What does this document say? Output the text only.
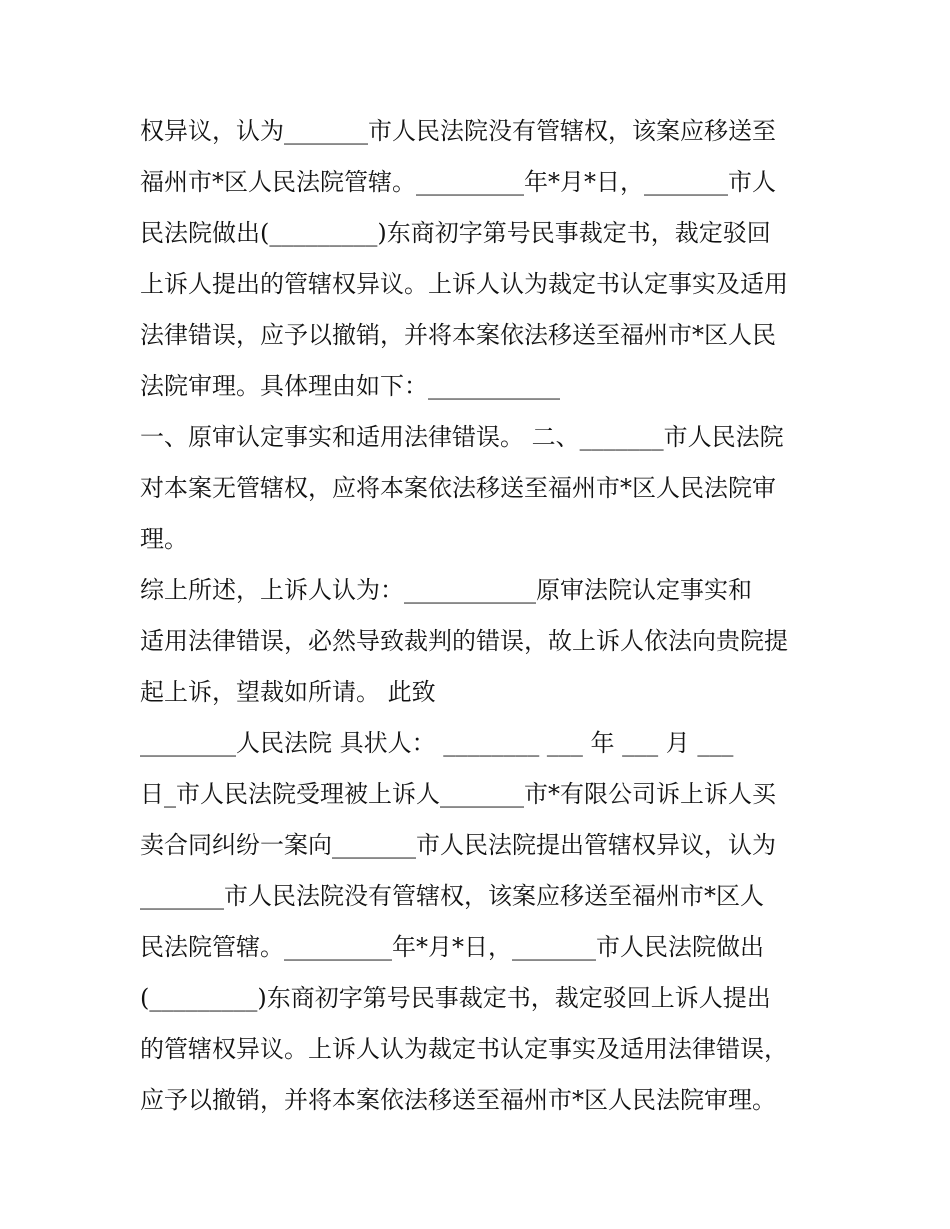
权异议，认为_______市人民法院没有管辖权，该案应移送至
福州市*区人民法院管辖。_________年*月*日，_______市人
民法院做出(_________)东商初字第号民事裁定书，裁定驳回
上诉人提出的管辖权异议。上诉人认为裁定书认定事实及适用
法律错误，应予以撤销，并将本案依法移送至福州市*区人民
法院审理。具体理由如下：___________
一、原审认定事实和适用法律错误。 二、_______市人民法院
对本案无管辖权，应将本案依法移送至福州市*区人民法院审
理。
综上所述，上诉人认为：___________原审法院认定事实和
适用法律错误，必然导致裁判的错误，故上诉人依法向贵院提
起上诉，望裁如所请。 此致
________人民法院 具状人： ________ ___ 年 ___ 月 ___
日_市人民法院受理被上诉人_______市*有限公司诉上诉人买
卖合同纠纷一案向_______市人民法院提出管辖权异议，认为
_______市人民法院没有管辖权，该案应移送至福州市*区人
民法院管辖。_________年*月*日，_______市人民法院做出
(_________)东商初字第号民事裁定书，裁定驳回上诉人提出
的管辖权异议。上诉人认为裁定书认定事实及适用法律错误，
应予以撤销，并将本案依法移送至福州市*区人民法院审理。
